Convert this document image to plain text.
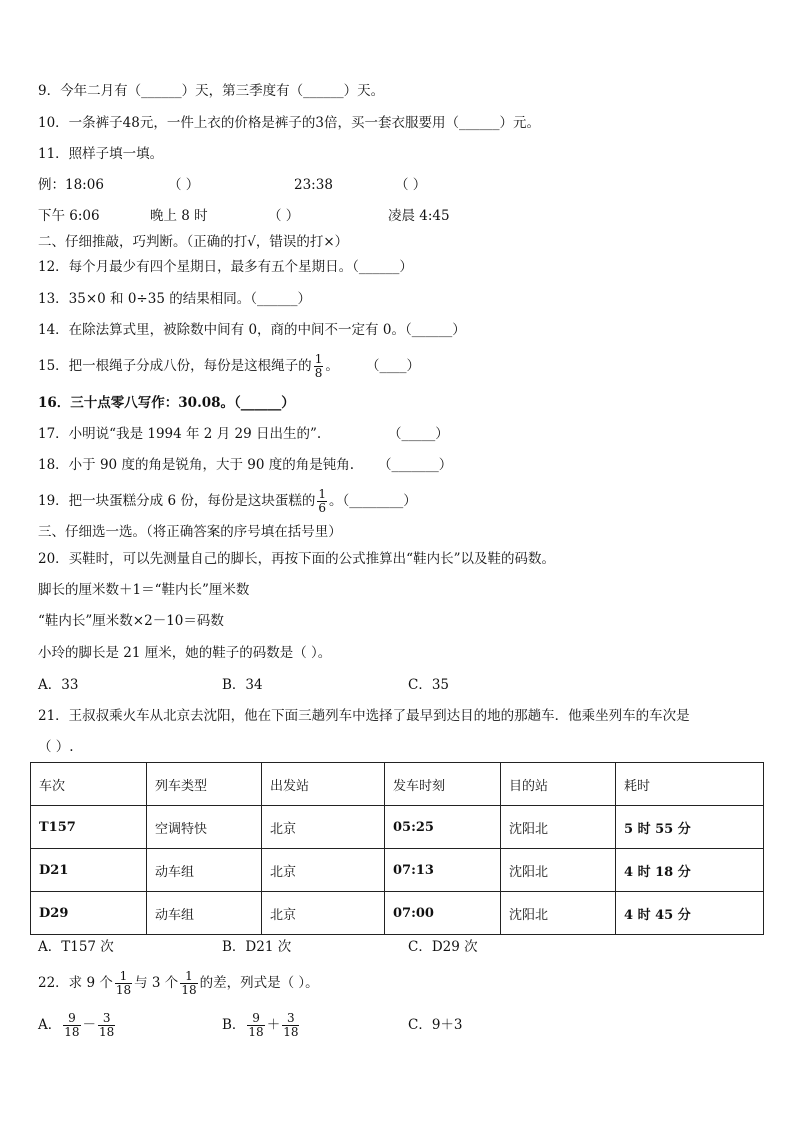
9．今年二月有（______）天，第三季度有（______）天。
10．一条裤子48元，一件上衣的价格是裤子的3倍，买一套衣服要用（______）元。
11．照样子填一填。
例：18:06	（ ）	23:38	（ ）
下午 6:06	晚上 8 时	（ ）	凌晨 4:45
二、仔细推敲，巧判断。（正确的打√，错误的打×）
12．每个月最少有四个星期日，最多有五个星期日。（______）
13．35×0 和 0÷35 的结果相同。（______）
14．在除法算式里，被除数中间有 0，商的中间不一定有 0。（______）
15．把一根绳子分成八份，每份是这根绳子的 $\frac{1}{8}$ 。 （____）
16．三十点零八写作：30.08。（______）
17．小明说“我是 1994 年 2 月 29 日出生的”.	（_____）
18．小于 90 度的角是锐角，大于 90 度的角是钝角. （_______）
19．把一块蛋糕分成 6 份，每份是这块蛋糕的 $\frac{1}{6}$ 。（________）
三、仔细选一选。（将正确答案的序号填在括号里）
20．买鞋时，可以先测量自己的脚长，再按下面的公式推算出“鞋内长”以及鞋的码数。
脚长的厘米数＋1＝“鞋内长”厘米数
“鞋内长”厘米数×2－10＝码数
小玲的脚长是 21 厘米，她的鞋子的码数是（ ）。
A．33	B．34	C．35
21．王叔叔乘火车从北京去沈阳，他在下面三趟列车中选择了最早到达目的地的那趟车．他乘坐列车的车次是
（ ）.
车次	列车类型	出发站	发车时刻	目的站	耗时
T157	空调特快	北京	05:25	沈阳北	5 时 55 分
D21	动车组	北京	07:13	沈阳北	4 时 18 分
D29	动车组	北京	07:00	沈阳北	4 时 45 分
A．T157 次	B．D21 次	C．D29 次
22．求 9 个 $\frac{1}{18}$ 与 3 个 $\frac{1}{18}$ 的差，列式是（ ）。
A． $\frac{9}{18} - \frac{3}{18}$	B． $\frac{9}{18} + \frac{3}{18}$	C．9＋3
